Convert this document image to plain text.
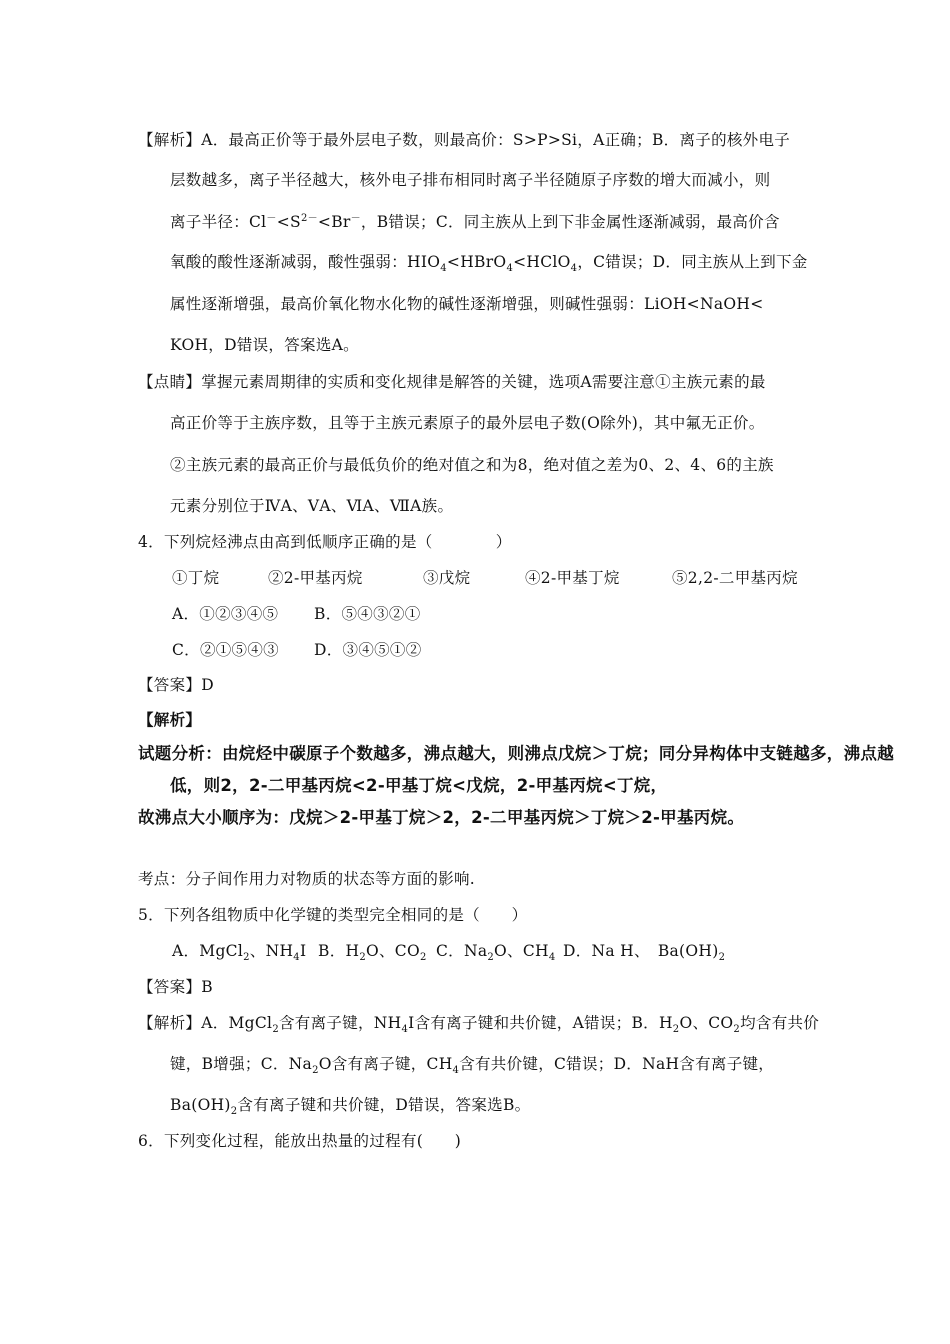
【解析】A．最高正价等于最外层电子数，则最高价：S>P>Si，A正确；B．离子的核外电子
层数越多，离子半径越大，核外电子排布相同时离子半径随原子序数的增大而减小，则
离子半径：$Cl^-<S^{2-}<Br^-$，B错误；C．同主族从上到下非金属性逐渐减弱，最高价含
氧酸的酸性逐渐减弱，酸性强弱：$HIO_4<HBrO_4<HClO_4$，C错误；D．同主族从上到下金
属性逐渐增强，最高价氧化物水化物的碱性逐渐增强，则碱性强弱：LiOH<NaOH<
KOH，D错误，答案选A。
【点睛】掌握元素周期律的实质和变化规律是解答的关键，选项A需要注意①主族元素的最
高正价等于主族序数，且等于主族元素原子的最外层电子数(O除外)，其中氟无正价。
②主族元素的最高正价与最低负价的绝对值之和为8，绝对值之差为0、2、4、6的主族
元素分别位于ⅣA、ⅤA、ⅥA、ⅦA族。
4．下列烷烃沸点由高到低顺序正确的是（　　　　）
①丁烷	②2-甲基丙烷	③戊烷	④2-甲基丁烷	⑤2,2-二甲基丙烷
A．①②③④⑤ B．⑤④③②①
C．②①⑤④③ D．③④⑤①②
【答案】D
【解析】
试题分析：由烷烃中碳原子个数越多，沸点越大，则沸点戊烷＞丁烷；同分异构体中支链越多，沸点越
低，则2，2-二甲基丙烷<2-甲基丁烷<戊烷，2-甲基丙烷<丁烷，
故沸点大小顺序为：戊烷＞2-甲基丁烷＞2，2-二甲基丙烷＞丁烷＞2-甲基丙烷。
考点：分子间作用力对物质的状态等方面的影响.
5．下列各组物质中化学键的类型完全相同的是（　　）
A．MgCl$_2$、$NH_4I$ B．$H_2O$、$CO_2$ C．$Na_2O$、$CH_4$ D．Na H、　$Ba(OH)_2$
【答案】B
【解析】A．MgCl$_2$含有离子键，$NH_4I$含有离子键和共价键，A错误；B．$H_2O$、$CO_2$均含有共价
键，B增强；C．$Na_2O$含有离子键，$CH_4$含有共价键，C错误；D．NaH含有离子键，
$Ba(OH)_2$含有离子键和共价键，D错误，答案选B。
6．下列变化过程，能放出热量的过程有(　　)
